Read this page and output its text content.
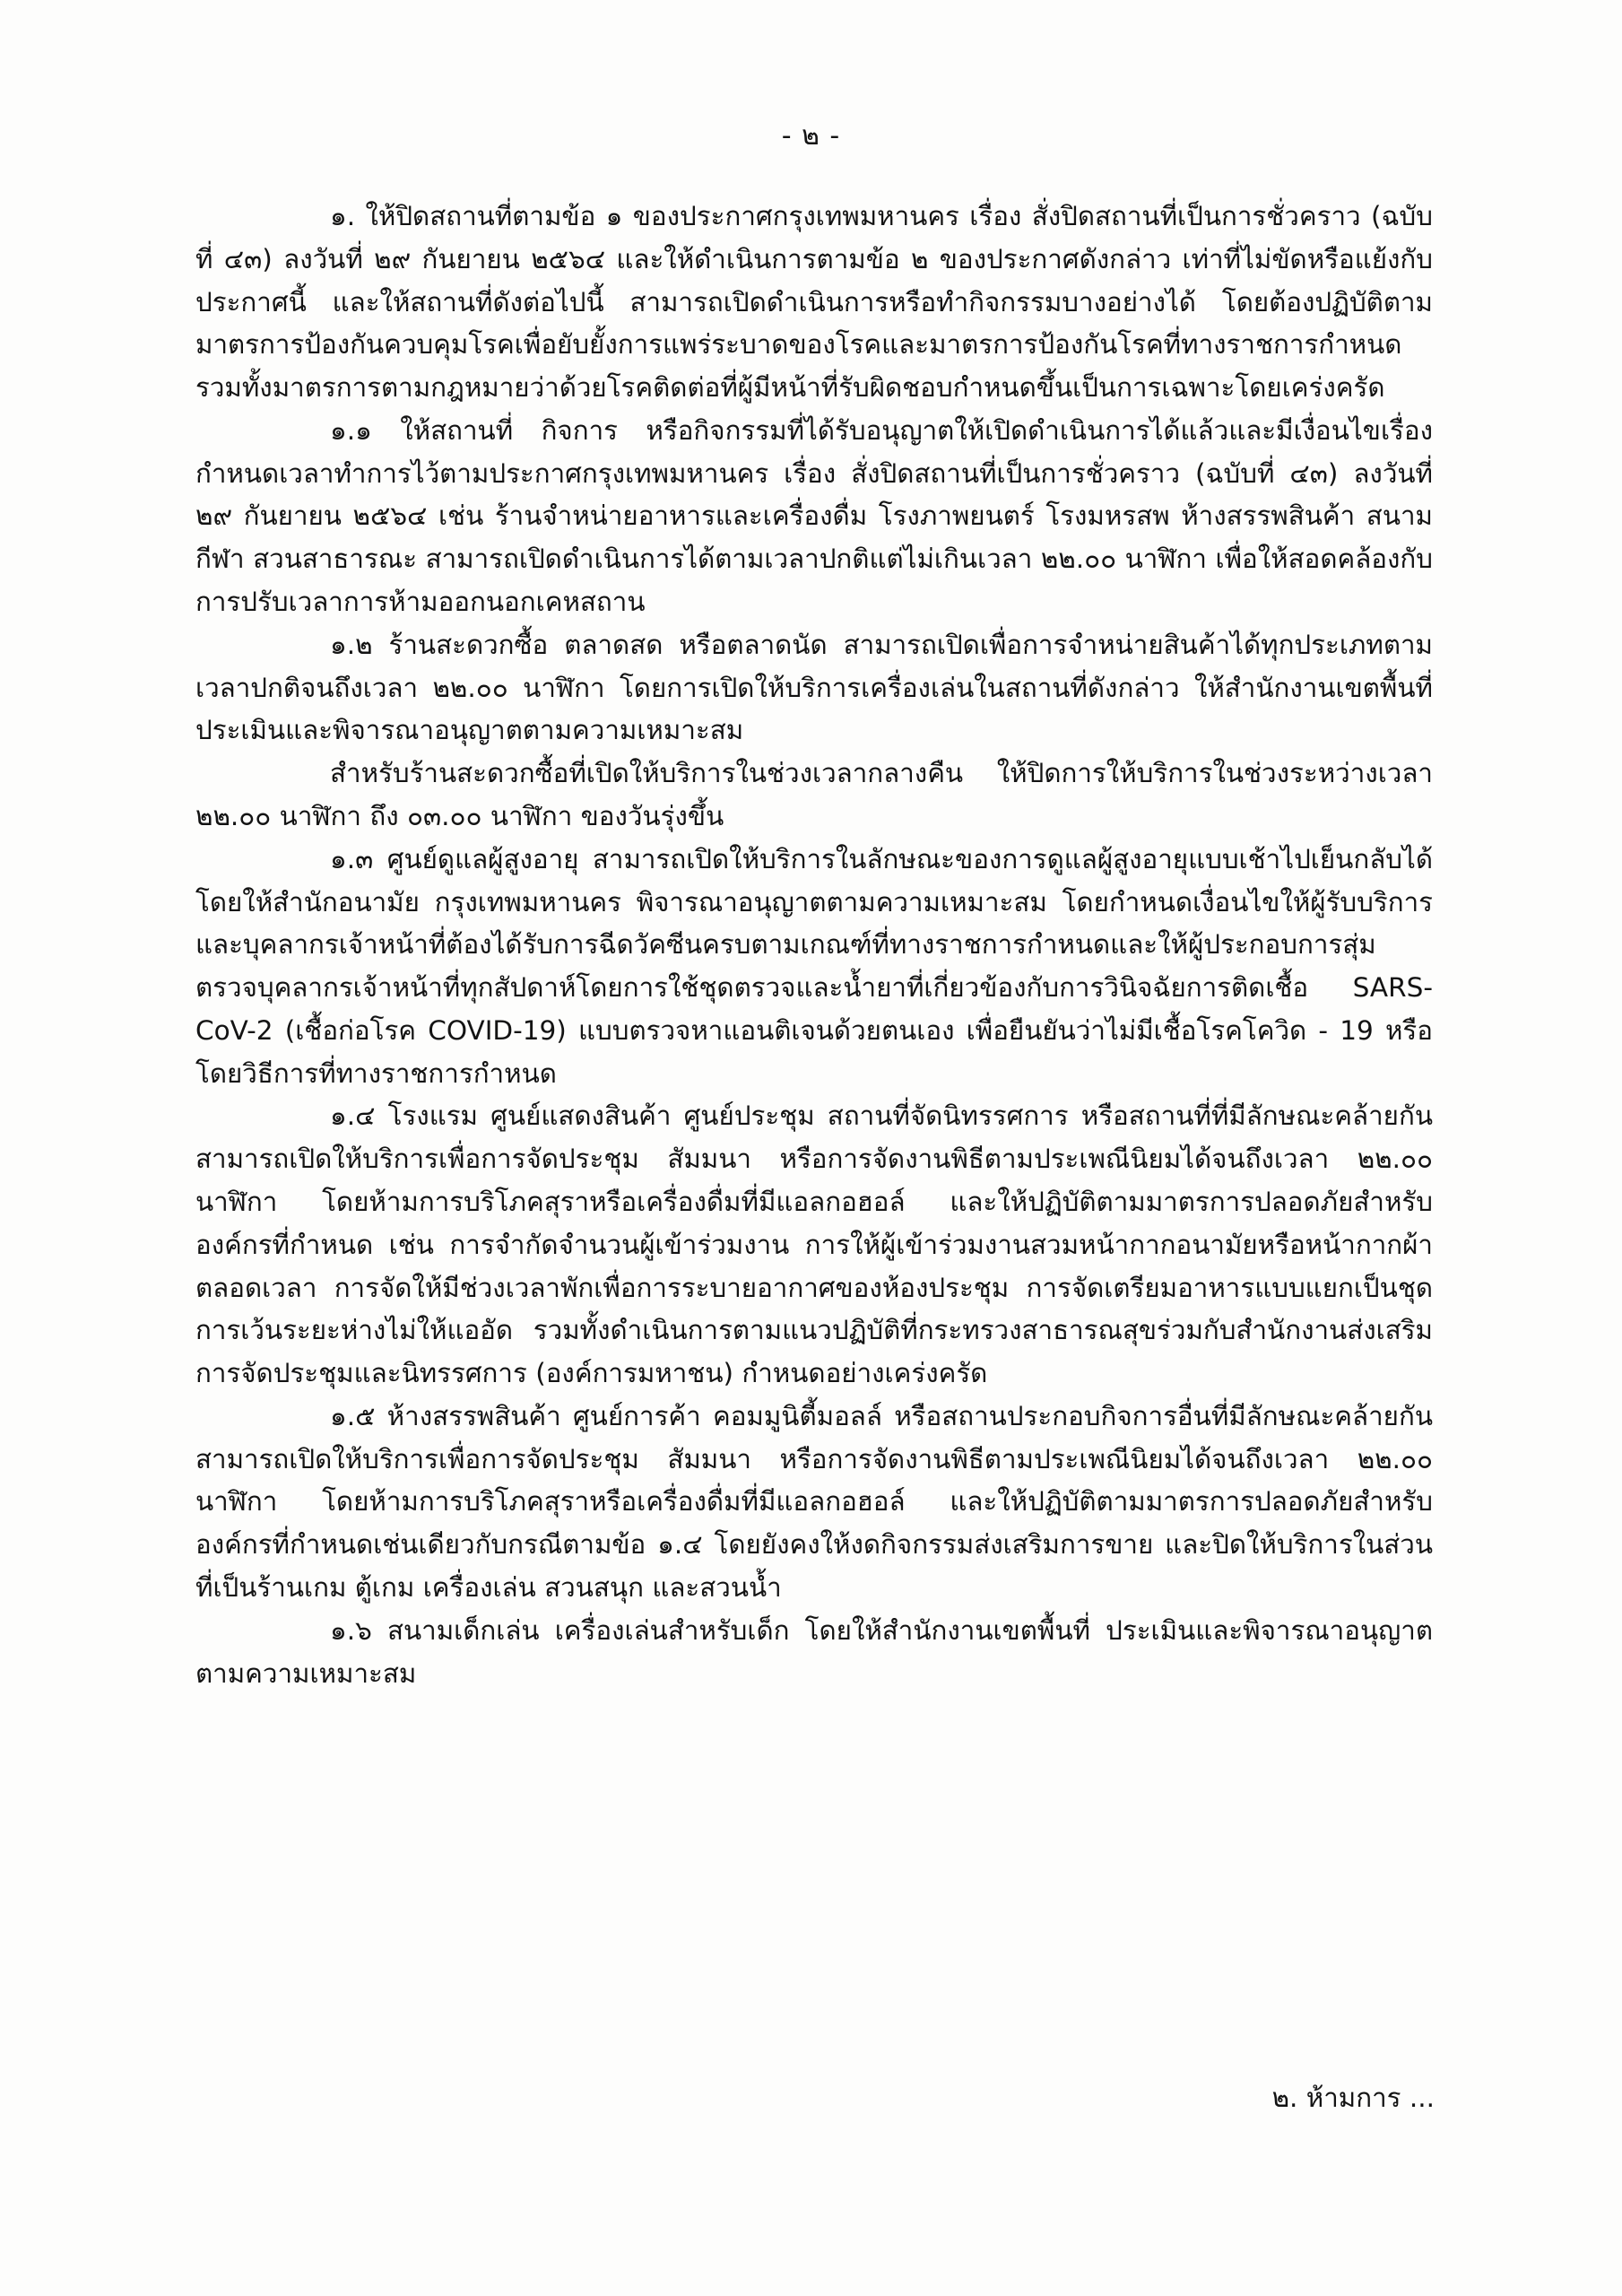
- ๒ -

๑. ให้ปิดสถานที่ตามข้อ ๑ ของประกาศกรุงเทพมหานคร เรื่อง สั่งปิดสถานที่เป็นการชั่วคราว (ฉบับที่ ๔๓) ลงวันที่ ๒๙ กันยายน ๒๕๖๔ และให้ดำเนินการตามข้อ ๒ ของประกาศดังกล่าว เท่าที่ไม่ขัดหรือแย้งกับประกาศนี้ และให้สถานที่ดังต่อไปนี้ สามารถเปิดดำเนินการหรือทำกิจกรรมบางอย่างได้ โดยต้องปฏิบัติตามมาตรการป้องกันควบคุมโรคเพื่อยับยั้งการแพร่ระบาดของโรคและมาตรการป้องกันโรคที่ทางราชการกำหนด รวมทั้งมาตรการตามกฎหมายว่าด้วยโรคติดต่อที่ผู้มีหน้าที่รับผิดชอบกำหนดขึ้นเป็นการเฉพาะโดยเคร่งครัด

๑.๑ ให้สถานที่ กิจการ หรือกิจกรรมที่ได้รับอนุญาตให้เปิดดำเนินการได้แล้วและมีเงื่อนไขเรื่องกำหนดเวลาทำการไว้ตามประกาศกรุงเทพมหานคร เรื่อง สั่งปิดสถานที่เป็นการชั่วคราว (ฉบับที่ ๔๓) ลงวันที่ ๒๙ กันยายน ๒๕๖๔ เช่น ร้านจำหน่ายอาหารและเครื่องดื่ม โรงภาพยนตร์ โรงมหรสพ ห้างสรรพสินค้า สนามกีฬา สวนสาธารณะ สามารถเปิดดำเนินการได้ตามเวลาปกติแต่ไม่เกินเวลา ๒๒.๐๐ นาฬิกา เพื่อให้สอดคล้องกับการปรับเวลาการห้ามออกนอกเคหสถาน

๑.๒ ร้านสะดวกซื้อ ตลาดสด หรือตลาดนัด สามารถเปิดเพื่อการจำหน่ายสินค้าได้ทุกประเภทตามเวลาปกติจนถึงเวลา ๒๒.๐๐ นาฬิกา โดยการเปิดให้บริการเครื่องเล่นในสถานที่ดังกล่าว ให้สำนักงานเขตพื้นที่ประเมินและพิจารณาอนุญาตตามความเหมาะสม

สำหรับร้านสะดวกซื้อที่เปิดให้บริการในช่วงเวลากลางคืน ให้ปิดการให้บริการในช่วงระหว่างเวลา ๒๒.๐๐ นาฬิกา ถึง ๐๓.๐๐ นาฬิกา ของวันรุ่งขึ้น

๑.๓ ศูนย์ดูแลผู้สูงอายุ สามารถเปิดให้บริการในลักษณะของการดูแลผู้สูงอายุแบบเช้าไปเย็นกลับได้ โดยให้สำนักอนามัย กรุงเทพมหานคร พิจารณาอนุญาตตามความเหมาะสม โดยกำหนดเงื่อนไขให้ผู้รับบริการและบุคลากรเจ้าหน้าที่ต้องได้รับการฉีดวัคซีนครบตามเกณฑ์ที่ทางราชการกำหนดและให้ผู้ประกอบการสุ่มตรวจบุคลากรเจ้าหน้าที่ทุกสัปดาห์โดยการใช้ชุดตรวจและน้ำยาที่เกี่ยวข้องกับการวินิจฉัยการติดเชื้อ SARS-CoV-2 (เชื้อก่อโรค COVID-19) แบบตรวจหาแอนติเจนด้วยตนเอง เพื่อยืนยันว่าไม่มีเชื้อโรคโควิด - 19 หรือโดยวิธีการที่ทางราชการกำหนด

๑.๔ โรงแรม ศูนย์แสดงสินค้า ศูนย์ประชุม สถานที่จัดนิทรรศการ หรือสถานที่ที่มีลักษณะคล้ายกัน สามารถเปิดให้บริการเพื่อการจัดประชุม สัมมนา หรือการจัดงานพิธีตามประเพณีนิยมได้จนถึงเวลา ๒๒.๐๐ นาฬิกา โดยห้ามการบริโภคสุราหรือเครื่องดื่มที่มีแอลกอฮอล์ และให้ปฏิบัติตามมาตรการปลอดภัยสำหรับองค์กรที่กำหนด เช่น การจำกัดจำนวนผู้เข้าร่วมงาน การให้ผู้เข้าร่วมงานสวมหน้ากากอนามัยหรือหน้ากากผ้าตลอดเวลา การจัดให้มีช่วงเวลาพักเพื่อการระบายอากาศของห้องประชุม การจัดเตรียมอาหารแบบแยกเป็นชุด การเว้นระยะห่างไม่ให้แออัด รวมทั้งดำเนินการตามแนวปฏิบัติที่กระทรวงสาธารณสุขร่วมกับสำนักงานส่งเสริมการจัดประชุมและนิทรรศการ (องค์การมหาชน) กำหนดอย่างเคร่งครัด

๑.๕ ห้างสรรพสินค้า ศูนย์การค้า คอมมูนิตี้มอลล์ หรือสถานประกอบกิจการอื่นที่มีลักษณะคล้ายกัน สามารถเปิดให้บริการเพื่อการจัดประชุม สัมมนา หรือการจัดงานพิธีตามประเพณีนิยมได้จนถึงเวลา ๒๒.๐๐ นาฬิกา โดยห้ามการบริโภคสุราหรือเครื่องดื่มที่มีแอลกอฮอล์ และให้ปฏิบัติตามมาตรการปลอดภัยสำหรับองค์กรที่กำหนดเช่นเดียวกับกรณีตามข้อ ๑.๔ โดยยังคงให้งดกิจกรรมส่งเสริมการขาย และปิดให้บริการในส่วนที่เป็นร้านเกม ตู้เกม เครื่องเล่น สวนสนุก และสวนน้ำ

๑.๖ สนามเด็กเล่น เครื่องเล่นสำหรับเด็ก โดยให้สำนักงานเขตพื้นที่ ประเมินและพิจารณาอนุญาตตามความเหมาะสม

๒. ห้ามการ ...
